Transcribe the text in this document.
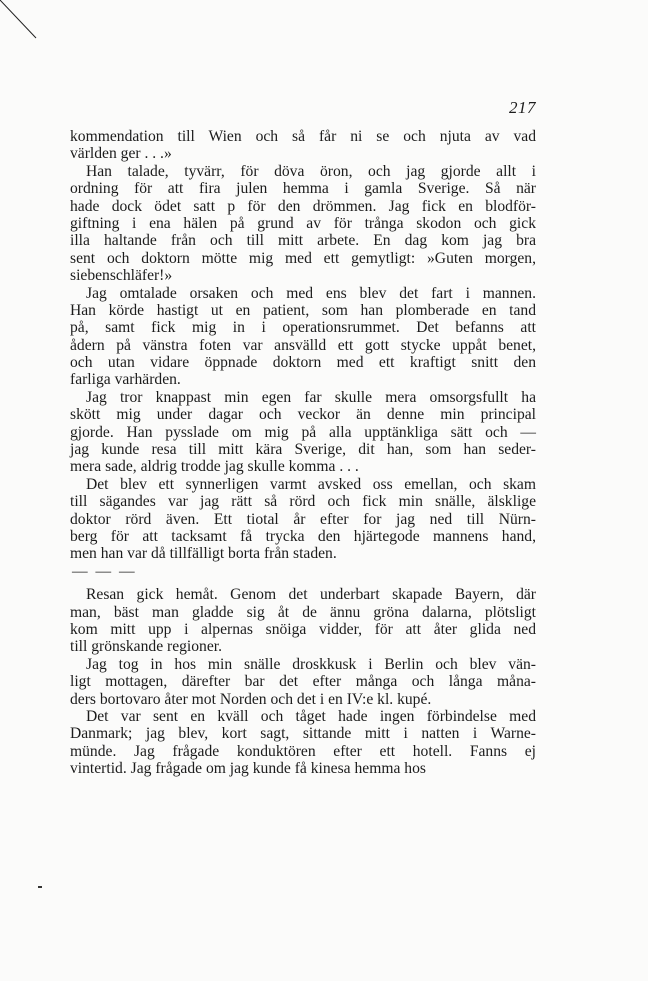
217
kommendation till Wien och så får ni se och njuta av vad
världen ger . . .»
Han talade, tyvärr, för döva öron, och jag gjorde allt i
ordning för att fira julen hemma i gamla Sverige. Så när
hade dock ödet satt p för den drömmen. Jag fick en blodför-
giftning i ena hälen på grund av för trånga skodon och gick
illa haltande från och till mitt arbete. En dag kom jag bra
sent och doktorn mötte mig med ett gemytligt: »Guten morgen,
siebenschläfer!»
Jag omtalade orsaken och med ens blev det fart i mannen.
Han körde hastigt ut en patient, som han plomberade en tand
på, samt fick mig in i operationsrummet. Det befanns att
ådern på vänstra foten var ansvälld ett gott stycke uppåt benet,
och utan vidare öppnade doktorn med ett kraftigt snitt den
farliga varhärden.
Jag tror knappast min egen far skulle mera omsorgsfullt ha
skött mig under dagar och veckor än denne min principal
gjorde. Han pysslade om mig på alla upptänkliga sätt och —
jag kunde resa till mitt kära Sverige, dit han, som han seder-
mera sade, aldrig trodde jag skulle komma . . .
Det blev ett synnerligen varmt avsked oss emellan, och skam
till sägandes var jag rätt så rörd och fick min snälle, älsklige
doktor rörd även. Ett tiotal år efter for jag ned till Nürn-
berg för att tacksamt få trycka den hjärtegode mannens hand,
men han var då tillfälligt borta från staden.
— — —
Resan gick hemåt. Genom det underbart skapade Bayern, där
man, bäst man gladde sig åt de ännu gröna dalarna, plötsligt
kom mitt upp i alpernas snöiga vidder, för att åter glida ned
till grönskande regioner.
Jag tog in hos min snälle droskkusk i Berlin och blev vän-
ligt mottagen, därefter bar det efter många och långa måna-
ders bortovaro åter mot Norden och det i en IV:e kl. kupé.
Det var sent en kväll och tåget hade ingen förbindelse med
Danmark; jag blev, kort sagt, sittande mitt i natten i Warne-
münde. Jag frågade konduktören efter ett hotell. Fanns ej
vintertid. Jag frågade om jag kunde få kinesa hemma hos
